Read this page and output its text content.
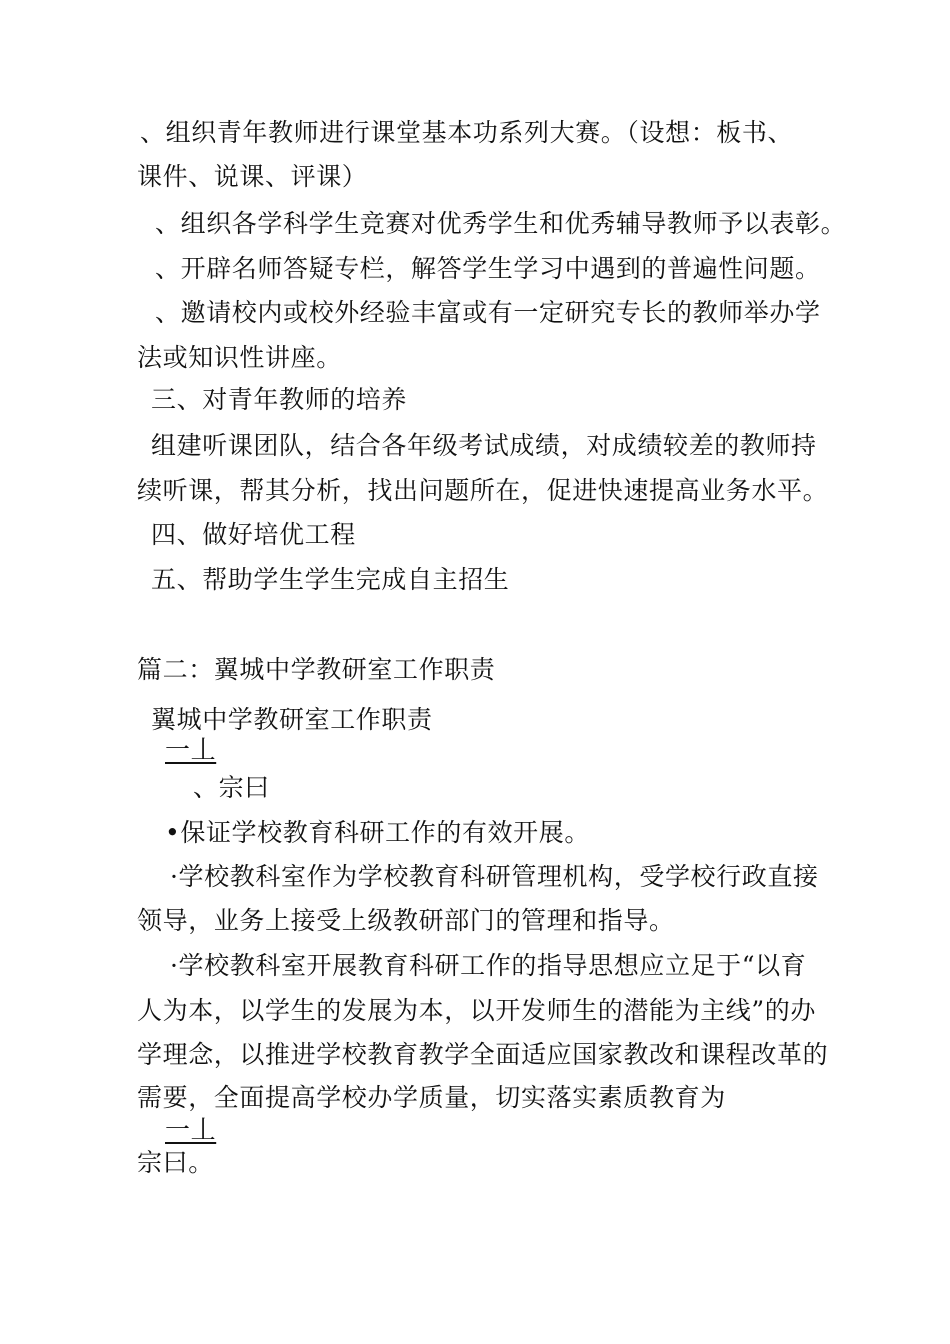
、组织青年教师进行课堂基本功系列大赛。（设想：板书、
课件、说课、评课）
、组织各学科学生竞赛对优秀学生和优秀辅导教师予以表彰。
、开辟名师答疑专栏，解答学生学习中遇到的普遍性问题。
、邀请校内或校外经验丰富或有一定研究专长的教师举办学
法或知识性讲座。
三、对青年教师的培养
组建听课团队，结合各年级考试成绩，对成绩较差的教师持
续听课，帮其分析，找出问题所在，促进快速提高业务水平。
四、做好培优工程
五、帮助学生学生完成自主招生
篇二：翼城中学教研室工作职责
翼城中学教研室工作职责
一丄
、宗曰
•保证学校教育科研工作的有效开展。
·学校教科室作为学校教育科研管理机构，受学校行政直接
领导，业务上接受上级教研部门的管理和指导。
·学校教科室开展教育科研工作的指导思想应立足于“以育
人为本，以学生的发展为本，以开发师生的潜能为主线”的办
学理念，以推进学校教育教学全面适应国家教改和课程改革的
需要，全面提高学校办学质量，切实落实素质教育为
一丄
宗曰。
